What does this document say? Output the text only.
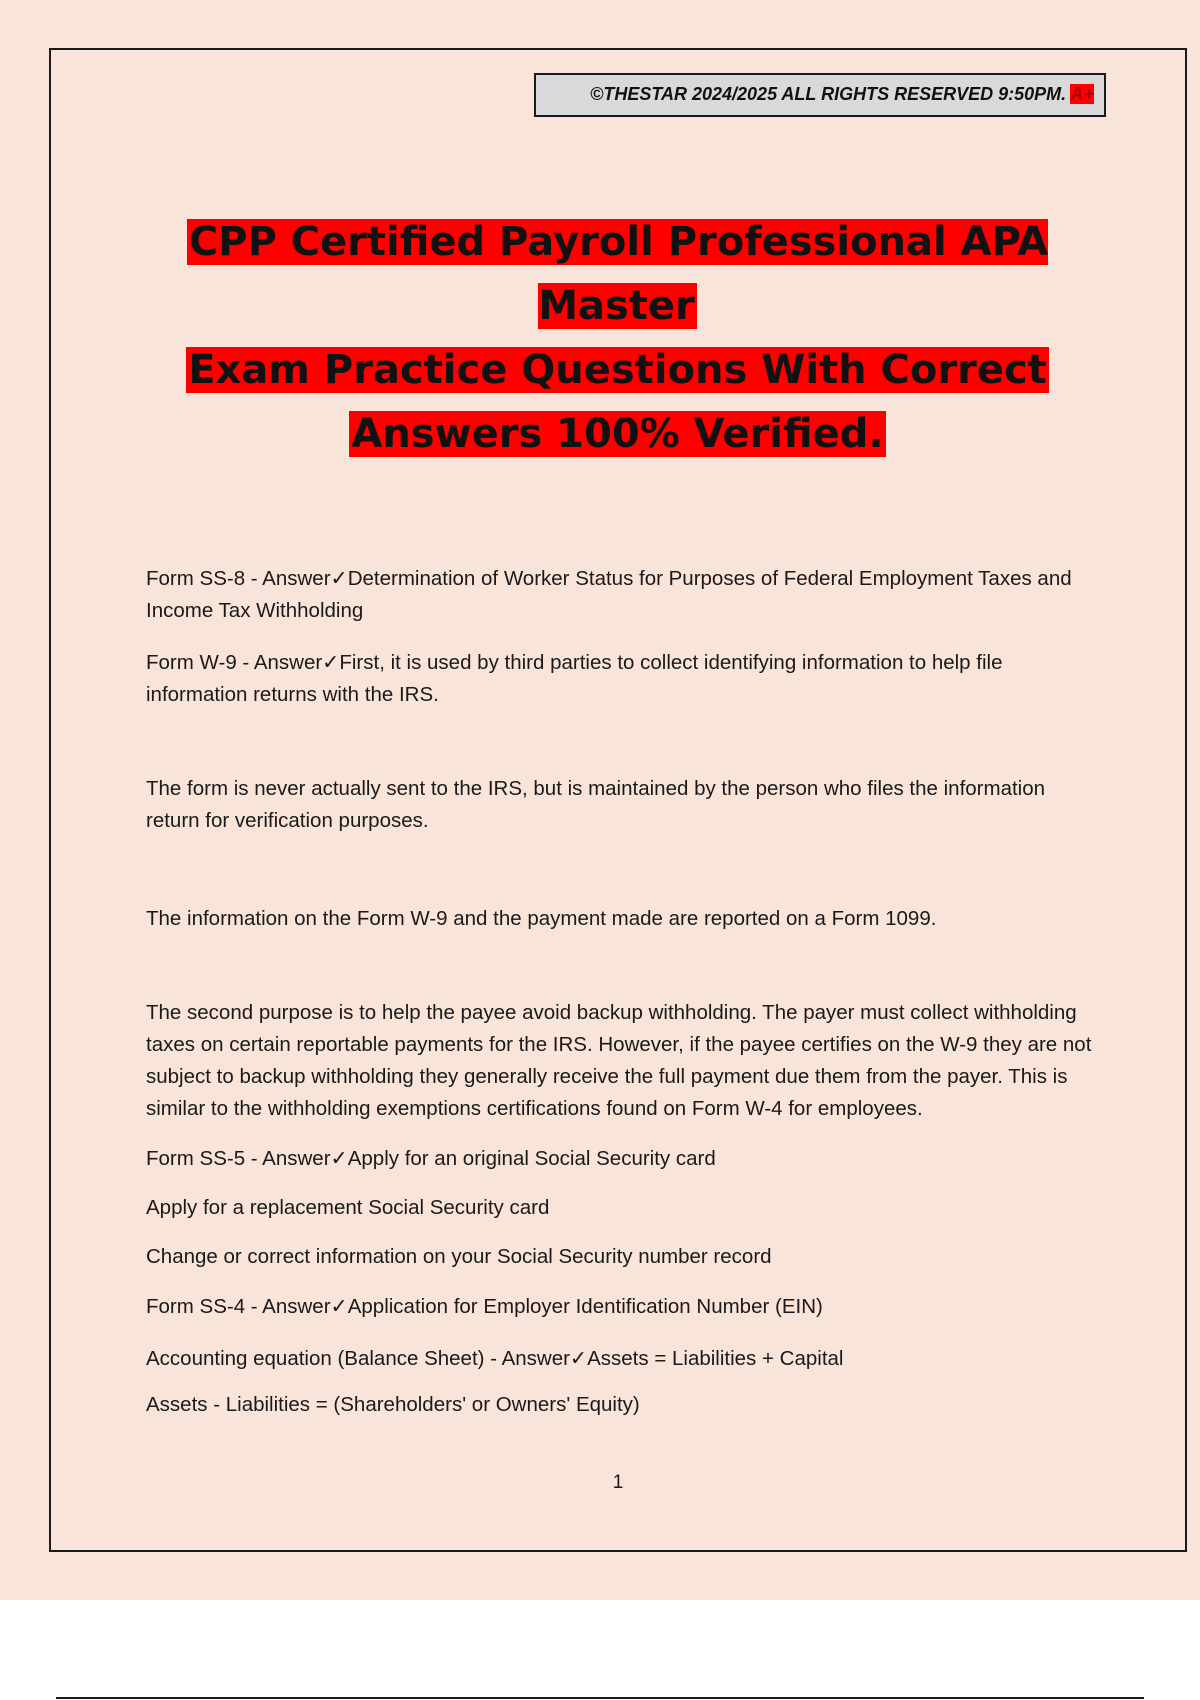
©THESTAR 2024/2025 ALL RIGHTS RESERVED 9:50PM. A+
CPP Certified Payroll Professional APA Master
Exam Practice Questions With Correct
Answers 100% Verified.

Form SS-8 - Answer✓Determination of Worker Status for Purposes of Federal Employment Taxes and Income Tax Withholding

Form W-9 - Answer✓First, it is used by third parties to collect identifying information to help file information returns with the IRS.

The form is never actually sent to the IRS, but is maintained by the person who files the information return for verification purposes.

The information on the Form W-9 and the payment made are reported on a Form 1099.

The second purpose is to help the payee avoid backup withholding. The payer must collect withholding taxes on certain reportable payments for the IRS. However, if the payee certifies on the W-9 they are not subject to backup withholding they generally receive the full payment due them from the payer. This is similar to the withholding exemptions certifications found on Form W-4 for employees.

Form SS-5 - Answer✓Apply for an original Social Security card

Apply for a replacement Social Security card

Change or correct information on your Social Security number record

Form SS-4 - Answer✓Application for Employer Identification Number (EIN)

Accounting equation (Balance Sheet) - Answer✓Assets = Liabilities + Capital

Assets - Liabilities = (Shareholders' or Owners' Equity)

1
